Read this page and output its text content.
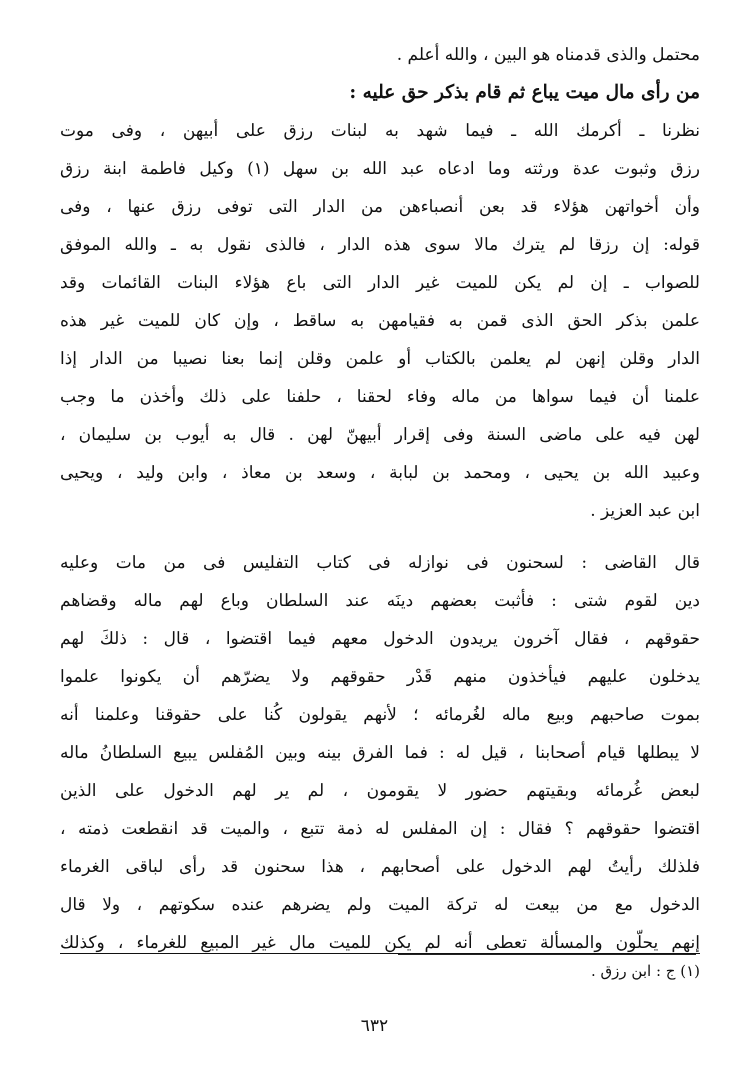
محتمل والذى قدمناه هو البين ، والله أعلم .
من رأى مال ميت يباع ثم قام بذكر حق عليه :
نظرنا ـ أكرمك الله ـ فيما شهد به لبنات رزق على أبيهن ، وفى موت
رزق وثبوت عدة ورثته وما ادعاه عبد الله بن سهل (١) وكيل فاطمة ابنة رزق
وأن أخواتهن هؤلاء قد بعن أنصباءهن من الدار التى توفى رزق عنها ، وفى
قوله: إن رزقا لم يترك مالا سوى هذه الدار ، فالذى نقول به ـ والله الموفق
للصواب ـ إن لم يكن للميت غير الدار التى باع هؤلاء البنات القائمات وقد
علمن بذكر الحق الذى قمن به فقيامهن به ساقط ، وإن كان للميت غير هذه
الدار وقلن إنهن لم يعلمن بالكتاب أو علمن وقلن إنما بعنا نصيبا من الدار إذا
علمنا أن فيما سواها من ماله وفاء لحقنا ، حلفنا على ذلك وأخذن ما وجب
لهن فيه على ماضى السنة وفى إقرار أبيهنّ لهن . قال به أيوب بن سليمان ،
وعبيد الله بن يحيى ، ومحمد بن لبابة ، وسعد بن معاذ ، وابن وليد ، ويحيى
ابن عبد العزيز .
قال القاضى : لسحنون فى نوازله فى كتاب التفليس فى من مات وعليه
دين لقوم شتى : فأثبت بعضهم دينَه عند السلطان وباع لهم ماله وقضاهم
حقوقهم ، فقال آخرون يريدون الدخول معهم فيما اقتضوا ، قال : ذلكَ لهم
يدخلون عليهم فيأخذون منهم قَدْر حقوقهم ولا يضرّهم أن يكونوا علموا
بموت صاحبهم وبيع ماله لغُرمائه ؛ لأنهم يقولون كُنا على حقوقنا وعلمنا أنه
لا يبطلها قيام أصحابنا ، قيل له : فما الفرق بينه وبين المُفلس يبيع السلطانُ ماله
لبعض غُرمائه وبقيتهم حضور لا يقومون ، لم ير لهم الدخول على الذين
اقتضوا حقوقهم ؟ فقال : إن المفلس له ذمة تتبع ، والميت قد انقطعت ذمته ،
فلذلك رأيتُ لهم الدخول على أصحابهم ، هذا سحنون قد رأى لباقى الغرماء
الدخول مع من بيعت له تركة الميت ولم يضرهم عنده سكوتهم ، ولا قال
إنهم يحلّون والمسألة تعطى أنه لم يكن للميت مال غير المبيع للغرماء ، وكذلك
(١) ج : ابن رزق .
٦٣٢
